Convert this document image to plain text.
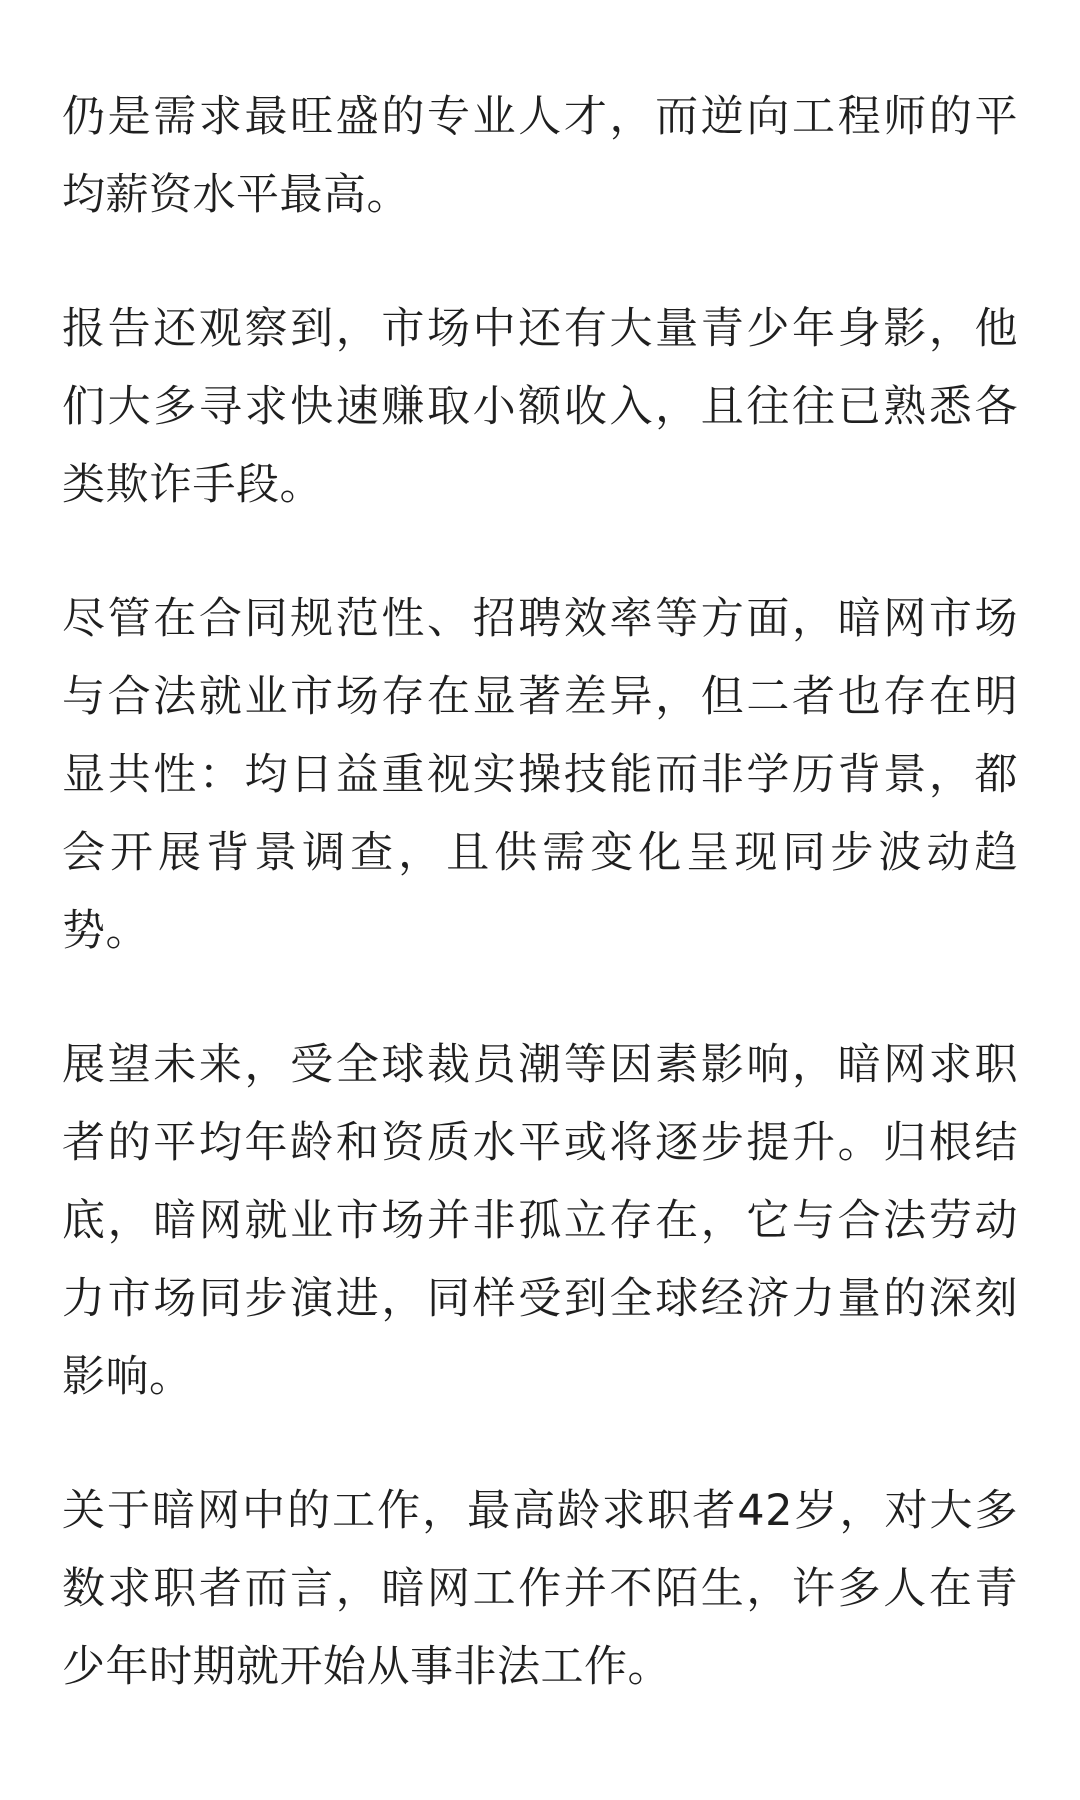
仍是需求最旺盛的专业人才，而逆向工程师的平均薪资水平最高。

报告还观察到，市场中还有大量青少年身影，他们大多寻求快速赚取小额收入，且往往已熟悉各类欺诈手段。

尽管在合同规范性、招聘效率等方面，暗网市场与合法就业市场存在显著差异，但二者也存在明显共性：均日益重视实操技能而非学历背景，都会开展背景调查，且供需变化呈现同步波动趋势。

展望未来，受全球裁员潮等因素影响，暗网求职者的平均年龄和资质水平或将逐步提升。归根结底，暗网就业市场并非孤立存在，它与合法劳动力市场同步演进，同样受到全球经济力量的深刻影响。

关于暗网中的工作，最高龄求职者42岁，对大多数求职者而言，暗网工作并不陌生，许多人在青少年时期就开始从事非法工作。
